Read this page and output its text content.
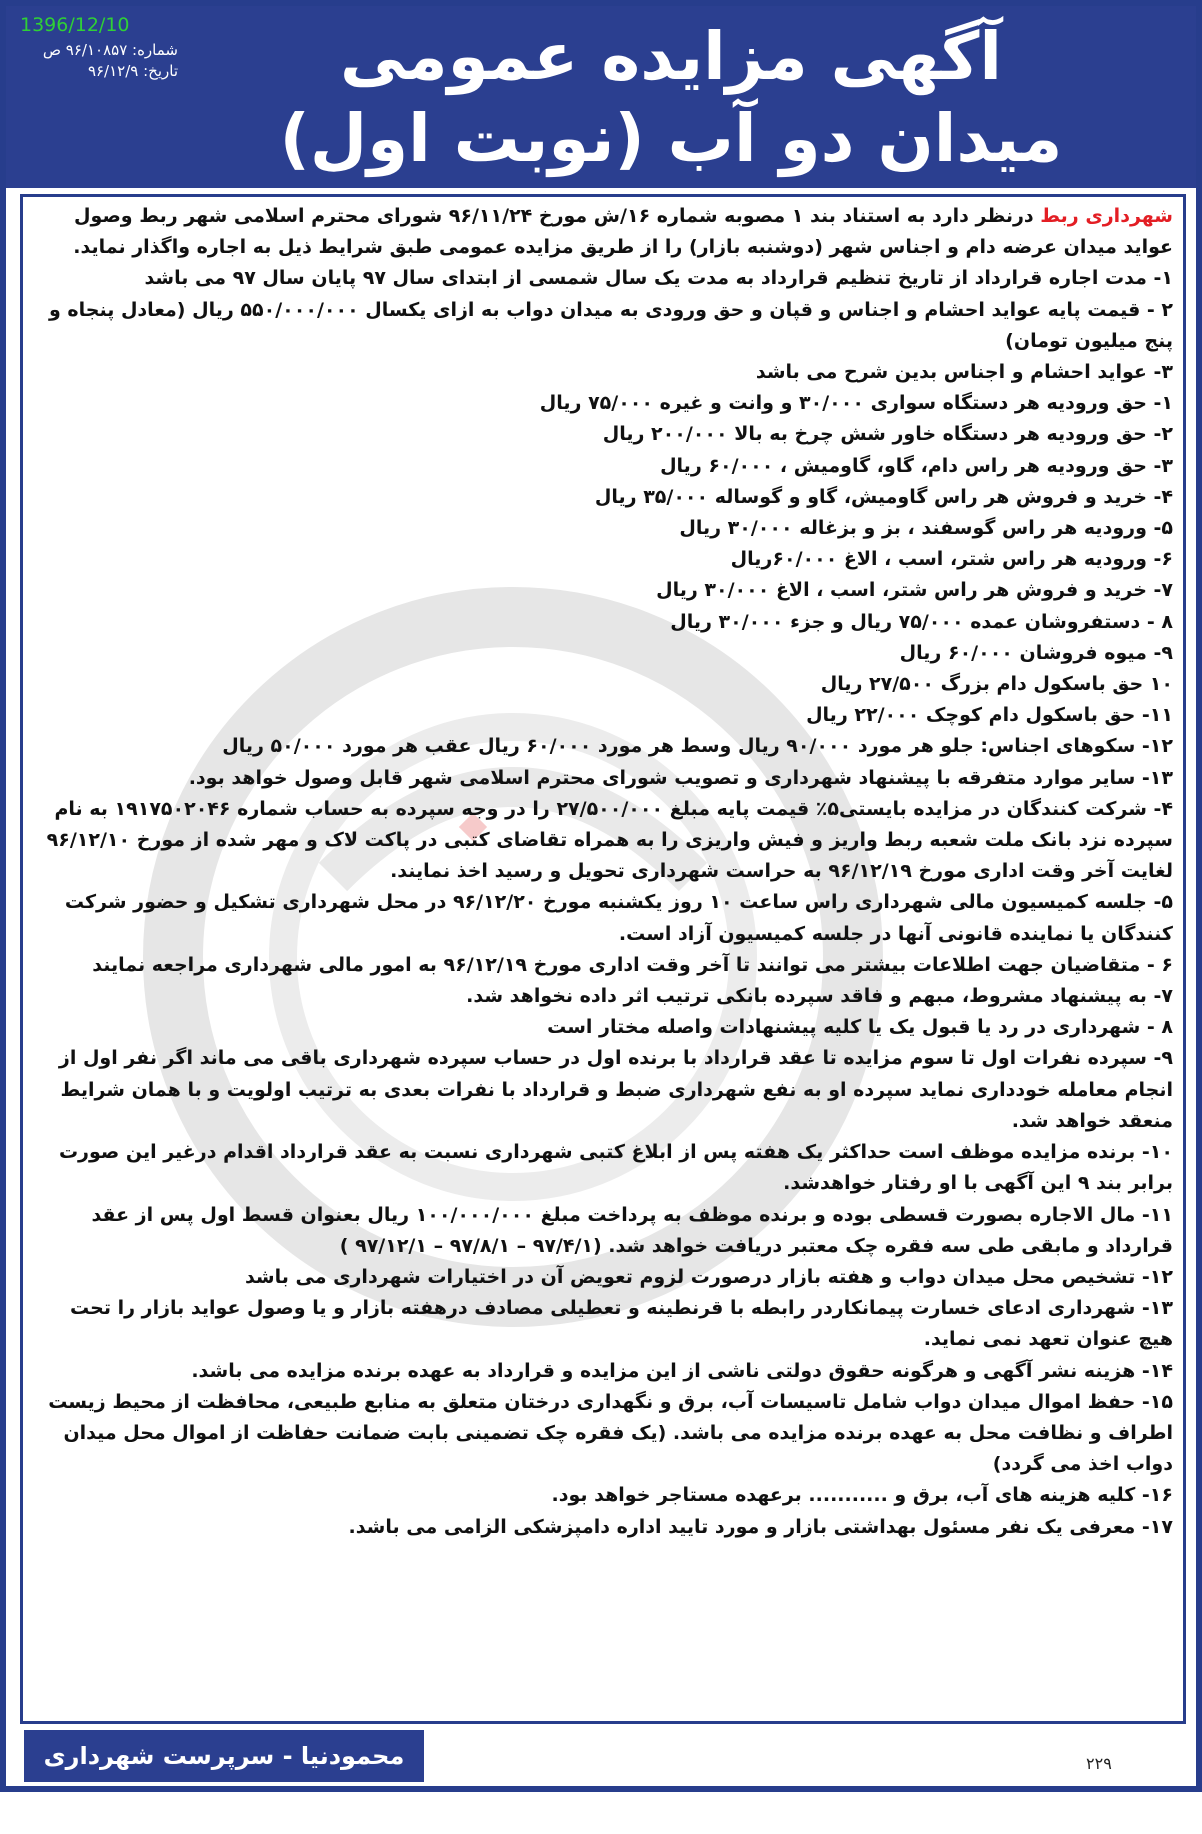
1396/12/10
شماره: ۹۶/۱۰۸۵۷ ص
تاریخ: ۹۶/۱۲/۹	آگهی مزایده عمومی
میدان دو آب (نوبت اول)

شهرداری ربط درنظر دارد به استناد بند ۱ مصوبه شماره ۱۶/ش مورخ ۹۶/۱۱/۲۴ شورای محترم اسلامی شهر ربط وصول عواید میدان عرضه دام و اجناس شهر (دوشنبه بازار) را از طریق مزایده عمومی طبق شرایط ذیل به اجاره واگذار نماید.

۱- مدت اجاره قرارداد از تاریخ تنظیم قرارداد به مدت یک سال شمسی از ابتدای سال ۹۷ پایان سال ۹۷ می باشد

۲ - قیمت پایه عواید احشام و اجناس و قپان و حق ورودی به میدان دواب به ازای یکسال ۵۵۰/۰۰۰/۰۰۰ ریال (معادل پنجاه و پنج میلیون تومان)

۳- عواید احشام و اجناس بدین شرح می باشد

۱- حق ورودیه هر دستگاه سواری ۳۰/۰۰۰ و وانت و غیره ۷۵/۰۰۰ ریال

۲- حق ورودیه هر دستگاه خاور شش چرخ به بالا ۲۰۰/۰۰۰ ریال

۳- حق ورودیه هر راس دام، گاو، گاومیش ، ۶۰/۰۰۰ ریال

۴- خرید و فروش هر راس گاومیش، گاو و گوساله ۳۵/۰۰۰ ریال

۵- ورودیه هر راس گوسفند ، بز و بزغاله ۳۰/۰۰۰ ریال

۶- ورودیه هر راس شتر، اسب ، الاغ ۶۰/۰۰۰ریال

۷- خرید و فروش هر راس شتر، اسب ، الاغ ۳۰/۰۰۰ ریال

۸ - دستفروشان عمده ۷۵/۰۰۰ ریال و جزء ۳۰/۰۰۰ ریال

۹- میوه فروشان ۶۰/۰۰۰ ریال

۱۰ حق باسکول دام بزرگ ۲۷/۵۰۰ ریال

۱۱- حق باسکول دام کوچک ۲۲/۰۰۰ ریال

۱۲- سکوهای اجناس: جلو هر مورد ۹۰/۰۰۰ ریال وسط هر مورد ۶۰/۰۰۰ ریال عقب هر مورد ۵۰/۰۰۰ ریال

۱۳- سایر موارد متفرقه با پیشنهاد شهرداری و تصویب شورای محترم اسلامی شهر قابل وصول خواهد بود.

۴- شرکت کنندگان در مزایده بایستی۵٪ قیمت پایه مبلغ ۲۷/۵۰۰/۰۰۰ را در وجه سپرده به حساب شماره ۱۹۱۷۵۰۲۰۴۶ به نام سپرده نزد بانک ملت شعبه ربط واریز و فیش واریزی را به همراه تقاضای کتبی در پاکت لاک و مهر شده از مورخ ۹۶/۱۲/۱۰ لغایت آخر وقت اداری مورخ ۹۶/۱۲/۱۹ به حراست شهرداری تحویل و رسید اخذ نمایند.

۵- جلسه کمیسیون مالی شهرداری راس ساعت ۱۰ روز یکشنبه مورخ ۹۶/۱۲/۲۰ در محل شهرداری تشکیل و حضور شرکت کنندگان یا نماینده قانونی آنها در جلسه کمیسیون آزاد است.

۶ - متقاضیان جهت اطلاعات بیشتر می توانند تا آخر وقت اداری مورخ ۹۶/۱۲/۱۹ به امور مالی شهرداری مراجعه نمایند

۷- به پیشنهاد مشروط، مبهم و فاقد سپرده بانکی ترتیب اثر داده نخواهد شد.

۸ - شهرداری در رد یا قبول یک یا کلیه پیشنهادات واصله مختار است

۹- سپرده نفرات اول تا سوم مزایده تا عقد قرارداد با برنده اول در حساب سپرده شهرداری باقی می ماند اگر نفر اول از انجام معامله خودداری نماید سپرده او به نفع شهرداری ضبط و قرارداد با نفرات بعدی به ترتیب اولویت و با همان شرایط منعقد خواهد شد.

۱۰- برنده مزایده موظف است حداکثر یک هفته پس از ابلاغ کتبی شهرداری نسبت به عقد قرارداد اقدام درغیر این صورت برابر بند ۹ این آگهی با او رفتار خواهدشد.

۱۱- مال الاجاره بصورت قسطی بوده و برنده موظف به پرداخت مبلغ ۱۰۰/۰۰۰/۰۰۰ ریال بعنوان قسط اول پس از عقد قرارداد و مابقی طی سه فقره چک معتبر دریافت خواهد شد. (۹۷/۴/۱ – ۹۷/۸/۱ – ۹۷/۱۲/۱ )

۱۲- تشخیص محل میدان دواب و هفته بازار درصورت لزوم تعویض آن در اختیارات شهرداری می باشد

۱۳- شهرداری ادعای خسارت پیمانکاردر رابطه با قرنطینه و تعطیلی مصادف درهفته بازار و یا وصول عواید بازار را تحت هیچ عنوان تعهد نمی نماید.

۱۴- هزینه نشر آگهی و هرگونه حقوق دولتی ناشی از این مزایده و قرارداد به عهده برنده مزایده می باشد.

۱۵- حفظ اموال میدان دواب شامل تاسیسات آب، برق و نگهداری درختان متعلق به منابع طبیعی، محافظت از محیط زیست اطراف و نظافت محل به عهده برنده مزایده می باشد. (یک فقره چک تضمینی بابت ضمانت حفاظت از اموال محل میدان دواب اخذ می گردد)

۱۶- کلیه هزینه های آب، برق و ........... برعهده مستاجر خواهد بود.

۱۷- معرفی یک نفر مسئول بهداشتی بازار و مورد تایید اداره دامپزشکی الزامی می باشد.

محمودنیا - سرپرست شهرداری ربط
۲۲۹
